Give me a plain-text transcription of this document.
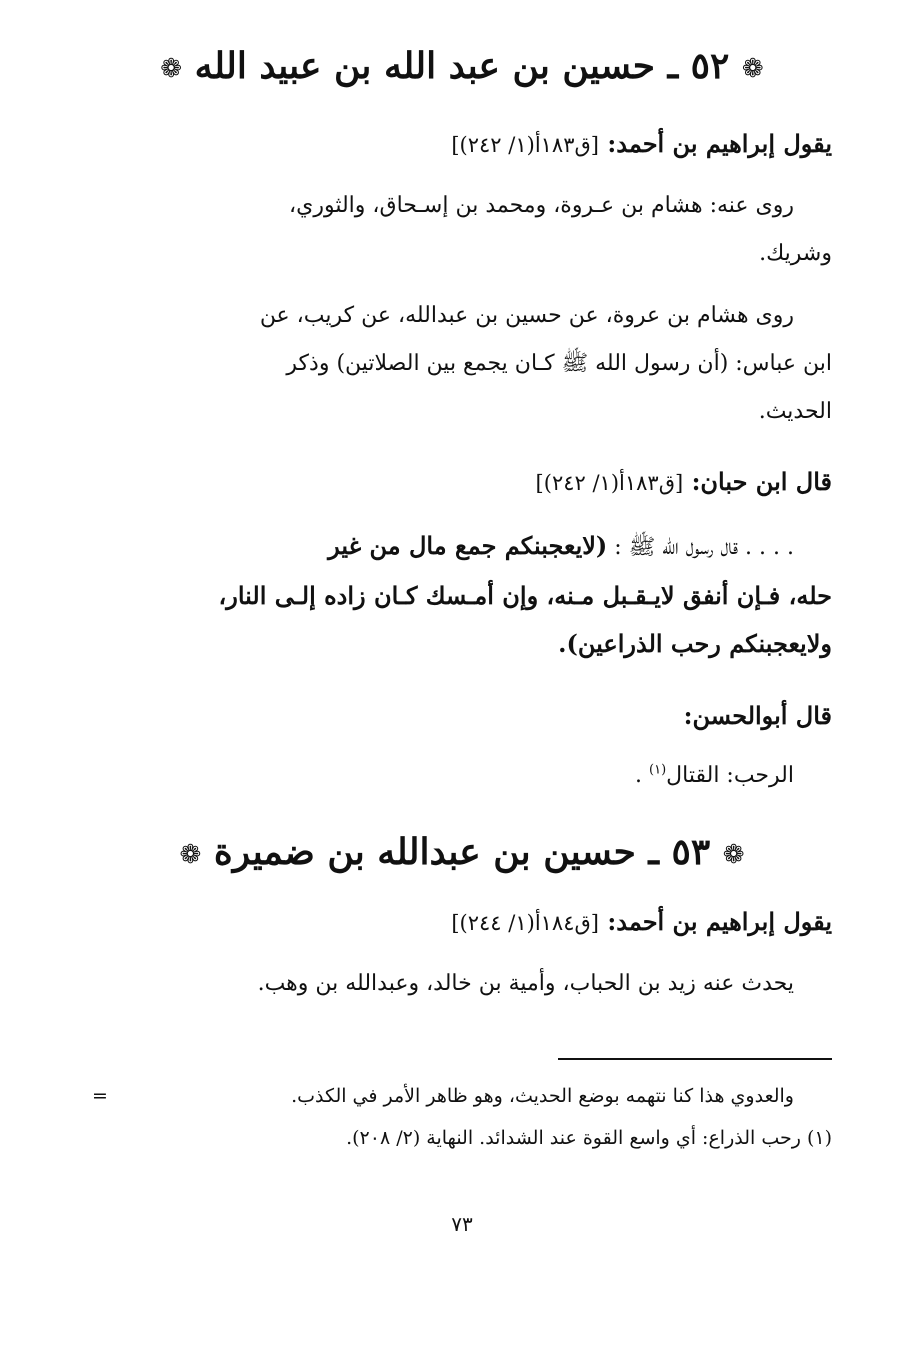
❁ ٥٢ ـ حسين بن عبد الله بن عبيد الله ❁
يقول إبراهيم بن أحمد: [ق١٨٣أ(١/ ٢٤٢)]
روى عنه: هشام بن عـروة، ومحمد بن إسـحاق، والثوري،
وشريك.
روى هشام بن عروة، عن حسين بن عبدالله، عن كريب، عن
ابن عباس: (أن رسول الله ﷺ كـان يجمع بين الصلاتين) وذكر
الحديث.
قال ابن حبان: [ق١٨٣أ(١/ ٢٤٢)]
. . . . قال رسول الله ﷺ : (لايعجبنكم جمع مال من غير
حله، فـإن أنفق لايـقـبل مـنه، وإن أمـسك كـان زاده إلـى النار،
ولايعجبنكم رحب الذراعين).
قال أبوالحسن:
الرحب: القتال$^{(١)}$ .
❁ ٥٣ ـ حسين بن عبدالله بن ضميرة ❁
يقول إبراهيم بن أحمد: [ق١٨٤أ(١/ ٢٤٤)]
يحدث عنه زيد بن الحباب، وأمية بن خالد، وعبدالله بن وهب.
=	والعدوي هذا كنا نتهمه بوضع الحديث، وهو ظاهر الأمر في الكذب.
(١) رحب الذراع: أي واسع القوة عند الشدائد. النهاية (٢/ ٢٠٨).
٧٣
